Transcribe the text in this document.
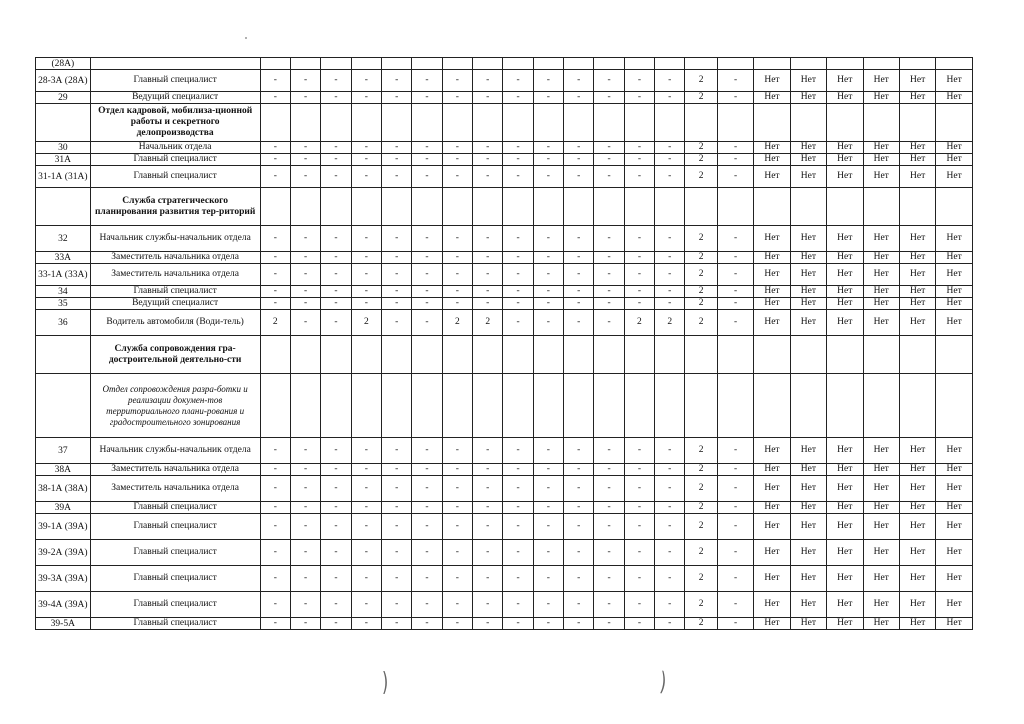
(28А)																							
28-3А (28А)	Главный специалист	-	-	-	-	-	-	-	-	-	-	-	-	-	-	2	-	Нет	Нет	Нет	Нет	Нет	Нет
29	Ведущий специалист	-	-	-	-	-	-	-	-	-	-	-	-	-	-	2	-	Нет	Нет	Нет	Нет	Нет	Нет
	Отдел кадровой, мобилиза-ционной работы и секретного делопроизводства																						
30	Начальник отдела	-	-	-	-	-	-	-	-	-	-	-	-	-	-	2	-	Нет	Нет	Нет	Нет	Нет	Нет
31А	Главный специалист	-	-	-	-	-	-	-	-	-	-	-	-	-	-	2	-	Нет	Нет	Нет	Нет	Нет	Нет
31-1А (31А)	Главный специалист	-	-	-	-	-	-	-	-	-	-	-	-	-	-	2	-	Нет	Нет	Нет	Нет	Нет	Нет
	Служба стратегического планирования развития тер-риторий																						
32	Начальник службы-начальник отдела	-	-	-	-	-	-	-	-	-	-	-	-	-	-	2	-	Нет	Нет	Нет	Нет	Нет	Нет
33А	Заместитель начальника отдела	-	-	-	-	-	-	-	-	-	-	-	-	-	-	2	-	Нет	Нет	Нет	Нет	Нет	Нет
33-1А (33А)	Заместитель начальника отдела	-	-	-	-	-	-	-	-	-	-	-	-	-	-	2	-	Нет	Нет	Нет	Нет	Нет	Нет
34	Главный специалист	-	-	-	-	-	-	-	-	-	-	-	-	-	-	2	-	Нет	Нет	Нет	Нет	Нет	Нет
35	Ведущий специалист	-	-	-	-	-	-	-	-	-	-	-	-	-	-	2	-	Нет	Нет	Нет	Нет	Нет	Нет
36	Водитель автомобиля (Води-тель)	2	-	-	2	-	-	2	2	-	-	-	-	2	2	2	-	Нет	Нет	Нет	Нет	Нет	Нет
	Служба сопровождения гра-достроительной деятельно-сти																						
	Отдел сопровождения разра-ботки и реализации докумен-тов территориального плани-рования и градостроительного зонирования																						
37	Начальник службы-начальник отдела	-	-	-	-	-	-	-	-	-	-	-	-	-	-	2	-	Нет	Нет	Нет	Нет	Нет	Нет
38А	Заместитель начальника отдела	-	-	-	-	-	-	-	-	-	-	-	-	-	-	2	-	Нет	Нет	Нет	Нет	Нет	Нет
38-1А (38А)	Заместитель начальника отдела	-	-	-	-	-	-	-	-	-	-	-	-	-	-	2	-	Нет	Нет	Нет	Нет	Нет	Нет
39А	Главный специалист	-	-	-	-	-	-	-	-	-	-	-	-	-	-	2	-	Нет	Нет	Нет	Нет	Нет	Нет
39-1А (39А)	Главный специалист	-	-	-	-	-	-	-	-	-	-	-	-	-	-	2	-	Нет	Нет	Нет	Нет	Нет	Нет
39-2А (39А)	Главный специалист	-	-	-	-	-	-	-	-	-	-	-	-	-	-	2	-	Нет	Нет	Нет	Нет	Нет	Нет
39-3А (39А)	Главный специалист	-	-	-	-	-	-	-	-	-	-	-	-	-	-	2	-	Нет	Нет	Нет	Нет	Нет	Нет
39-4А (39А)	Главный специалист	-	-	-	-	-	-	-	-	-	-	-	-	-	-	2	-	Нет	Нет	Нет	Нет	Нет	Нет
39-5А	Главный специалист	-	-	-	-	-	-	-	-	-	-	-	-	-	-	2	-	Нет	Нет	Нет	Нет	Нет	Нет
)	)
